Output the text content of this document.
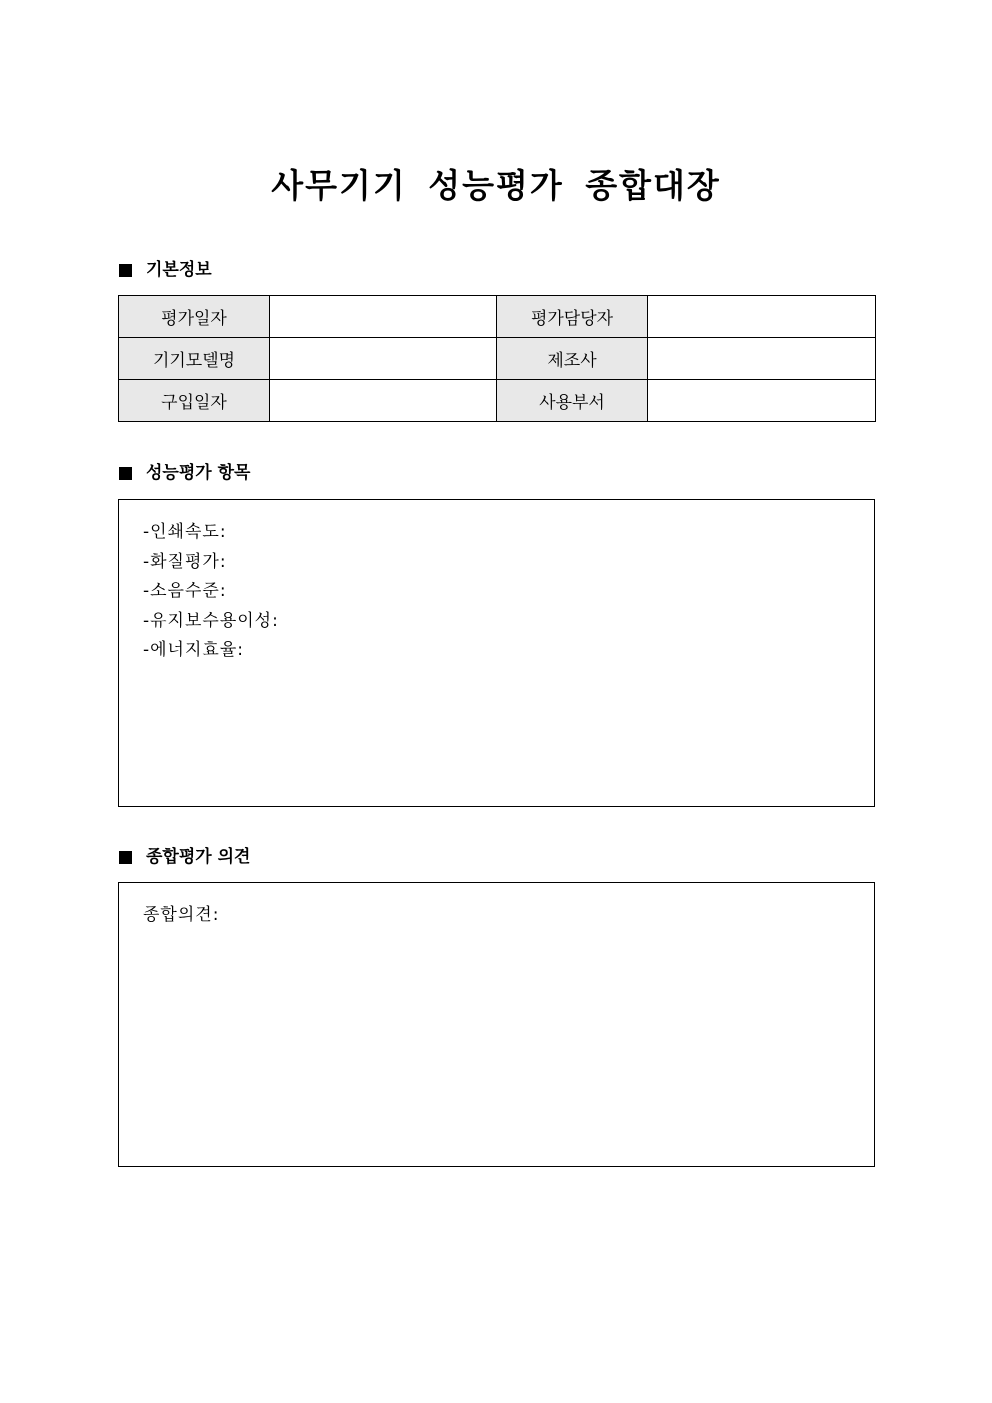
사무기기 성능평가 종합대장
기본정보
평가일자		평가담당자	
기기모델명		제조사	
구입일자		사용부서	
성능평가 항목
-인쇄속도:
-화질평가:
-소음수준:
-유지보수용이성:
-에너지효율:
종합평가 의견
종합의견:
